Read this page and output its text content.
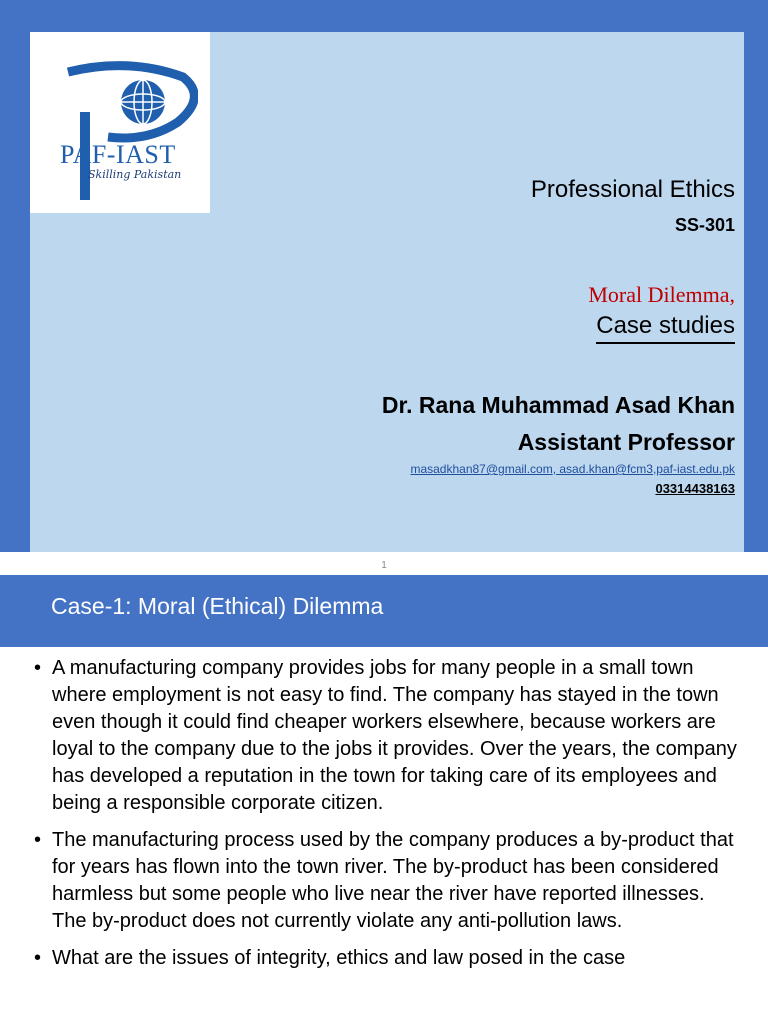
PAF-IAST
Skilling Pakistan
Professional Ethics
SS-301
Moral Dilemma,
Case studies
Dr. Rana Muhammad Asad Khan
Assistant Professor
masadkhan87@gmail.com, asad.khan@fcm3,paf-iast.edu.pk
03314438163
1
Case-1: Moral (Ethical) Dilemma
• A manufacturing company provides jobs for many people in a small town where employment is not easy to find. The company has stayed in the town even though it could find cheaper workers elsewhere, because workers are loyal to the company due to the jobs it provides. Over the years, the company has developed a reputation in the town for taking care of its employees and being a responsible corporate citizen.
• The manufacturing process used by the company produces a by-product that for years has flown into the town river. The by-product has been considered harmless but some people who live near the river have reported illnesses. The by-product does not currently violate any anti-pollution laws.
• What are the issues of integrity, ethics and law posed in the case
